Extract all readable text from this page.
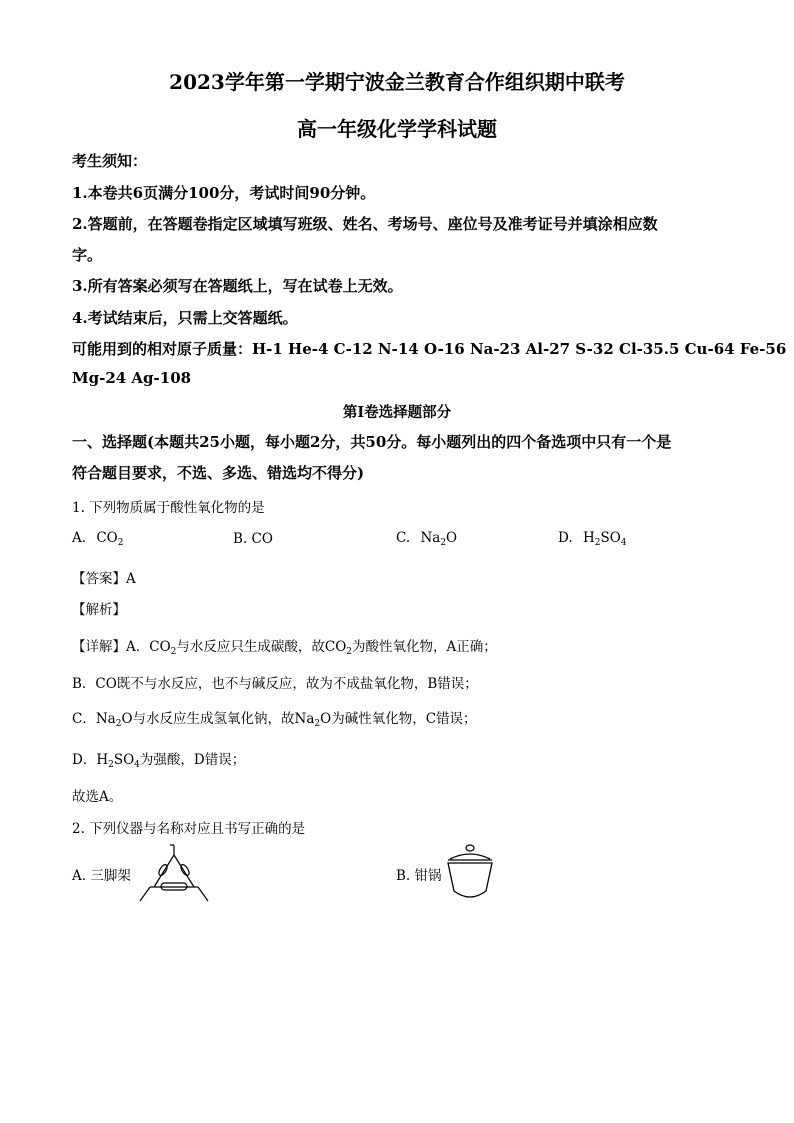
2023学年第一学期宁波金兰教育合作组织期中联考
高一年级化学学科试题
考生须知：
1.本卷共6页满分100分，考试时间90分钟。
2.答题前，在答题卷指定区域填写班级、姓名、考场号、座位号及准考证号并填涂相应数
字。
3.所有答案必须写在答题纸上，写在试卷上无效。
4.考试结束后，只需上交答题纸。
可能用到的相对原子质量：H-1 He-4 C-12 N-14 O-16 Na-23 Al-27 S-32 Cl-35.5 Cu-64 Fe-56
Mg-24 Ag-108
第I卷选择题部分
一、选择题(本题共25小题，每小题2分，共50分。每小题列出的四个备选项中只有一个是
符合题目要求，不选、多选、错选均不得分)
1. 下列物质属于酸性氧化物的是
A. $CO_2$	B. CO	C. $Na_2O$	D. $H_2SO_4$
【答案】A
【解析】
【详解】A．$CO_2$与水反应只生成碳酸，故$CO_2$为酸性氧化物，A正确；
B．CO既不与水反应，也不与碱反应，故为不成盐氧化物，B错误；
C．$Na_2O$与水反应生成氢氧化钠，故$Na_2O$为碱性氧化物，C错误；
D．$H_2SO_4$为强酸，D错误；
故选A。
2. 下列仪器与名称对应且书写正确的是
A. 三脚架	B. 钳锅
